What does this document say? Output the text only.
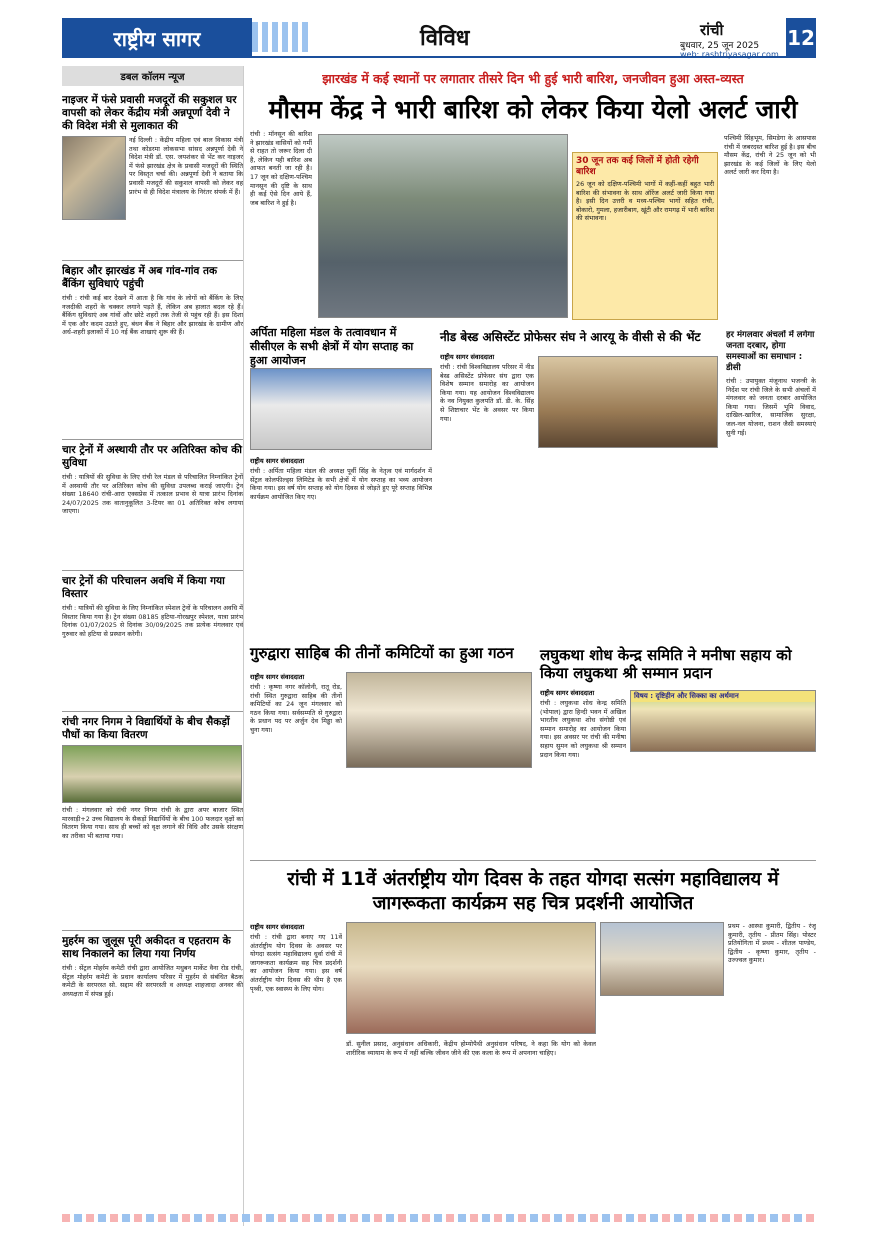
राष्ट्रीय सागर	विविध	रांची
बुधवार, 25 जून 2025
web: rashtriyasagar.com
12
डबल कॉलम न्यूज
नाइजर में फंसे प्रवासी मजदूरों की सकुशल घर वापसी को लेकर केंद्रीय मंत्री अन्नपूर्णा देवी ने की विदेश मंत्री से मुलाकात की
नई दिल्ली : केंद्रीय महिला एवं बाल विकास मंत्री तथा कोडरमा लोकसभा सांसद अन्नपूर्णा देवी ने विदेश मंत्री डॉ. एस. जयशंकर से भेंट कर नाइजर में फंसे झारखंड क्षेत्र के प्रवासी मजदूरों की स्थिति पर विस्तृत चर्चा की। अन्नपूर्णा देवी ने बताया कि प्रवासी मजदूरों की सकुशल वापसी को लेकर वह प्रारंभ से ही विदेश मंत्रालय के निरंतर संपर्क में हैं।
बिहार और झारखंड में अब गांव-गांव तक बैंकिंग सुविधाएं पहुंची
रांची : रांची कई बार देखने में आता है कि गांव के लोगों को बैंकिंग के लिए नजदीकी शहरों के चक्कर लगाने पड़ते हैं, लेकिन अब हालात बदल रहे हैं। बैंकिंग सुविधाएं अब गांवों और छोटे शहरों तक तेजी से पहुंच रही हैं। इस दिशा में एक और कदम उठाते हुए, बंधन बैंक ने बिहार और झारखंड के ग्रामीण और अर्ध-शहरी इलाकों में 10 नई बैंक शाखाएं शुरू की हैं।
चार ट्रेनों में अस्थायी तौर पर अतिरिक्त कोच की सुविधा
रांची : यात्रियों की सुविधा के लिए रांची रेल मंडल से परिचालित निम्नांकित ट्रेनों में अस्थायी तौर पर अतिरिक्त कोच की सुविधा उपलब्ध कराई जाएगी। ट्रेन संख्या 18640 रांची-आरा एक्सप्रेस में तत्काल प्रभाव से यात्रा प्रारंभ दिनांक 24/07/2025 तक वातानुकूलित 3-टियर का 01 अतिरिक्त कोच लगाया जाएगा।
चार ट्रेनों की परिचालन अवधि में किया गया विस्तार
रांची : यात्रियों की सुविधा के लिए निम्नांकित स्पेशल ट्रेनों के परिचालन अवधि में विस्तार किया गया है। ट्रेन संख्या 08185 हटिया-गोरखपुर स्पेशल, यात्रा प्रारंभ दिनांक 01/07/2025 से दिनांक 30/09/2025 तक प्रत्येक मंगलवार एवं गुरुवार को हटिया से प्रस्थान करेगी।
रांची नगर निगम ने विद्यार्थियों के बीच सैकड़ों पौधों का किया वितरण
रांची : मंगलवार को रांची नगर निगम रांची के द्वारा अपर बाजार स्थित मारवाड़ी+2 उच्च विद्यालय के सैकड़ों विद्यार्थियों के बीच 100 फलदार वृक्षों का वितरण किया गया। साथ ही बच्चों को वृक्ष लगाने की विधि और उसके संरक्षण का तरीका भी बताया गया।
मुहर्रम का जुलूस पूरी अकीदत व एहतराम के साथ निकालने का लिया गया निर्णय
रांची : सेंट्रल मोहर्रम कमेटी रांची द्वारा आयोजित मधुबन मार्केट वैना रोड रांची, सेंट्रल मोहर्रम कमेटी के प्रधान कार्यालय परिसर में मुहर्रम से संबंधित बैठक कमेटी के सरपरस्त सो. सद्दाम की सरपरस्ती व अध्यक्ष शाहजादा अनवर की अध्यक्षता में संपन्न हुई।
झारखंड में कई स्थानों पर लगातार तीसरे दिन भी हुई भारी बारिश, जनजीवन हुआ अस्त-व्यस्त
मौसम केंद्र ने भारी बारिश को लेकर किया येलो अलर्ट जारी
रांची : मॉनसून की बारिश ने झारखंड वासियों को गर्मी से राहत तो जरूर दिला दी है, लेकिन यही बारिश अब आफत बनती जा रही है। 17 जून को दक्षिण-पश्चिम मानसून की दृष्टि के साथ ही कई ऐसे दिन आये हैं, जब बारिश ने हुई है।
30 जून तक कई जिलों में होती रहेगी बारिश
26 जून को दक्षिण-पश्चिमी भागों में कहीं-कहीं बहुत भारी बारिश की संभावना के साथ ऑरेंज अलर्ट जारी किया गया है। इसी दिन उत्तरी व मध्य-पश्चिम भागों सहित रांची, बोकारो, गुमला, हजारीबाग, खूंटी और रामगढ़ में भारी बारिश की संभावना।
पश्चिमी सिंहभूम, सिमडेगा के आसपास रांची में जबरदस्त बारिश हुई है। इस बीच मौसम केंद्र, रांची ने 25 जून को भी झारखंड के कई जिलों के लिए येलो अलर्ट जारी कर दिया है।
अर्पिता महिला मंडल के तत्वावधान में सीसीएल के सभी क्षेत्रों में योग सप्ताह का हुआ आयोजन
राष्ट्रीय सागर संवाददाता
रांची : अर्पिता महिला मंडल की अध्यक्ष पूर्वी सिंह के नेतृत्व एवं मार्गदर्शन में सेंट्रल कोलफील्ड्स लिमिटेड के सभी क्षेत्रों में योग सप्ताह का भव्य आयोजन किया गया। इस वर्ष योग सप्ताह को योग दिवस से जोड़ते हुए पूरे सप्ताह विभिन्न कार्यक्रम आयोजित किए गए।
नीड बेस्ड असिस्टेंट प्रोफेसर संघ ने आरयू के वीसी से की भेंट
राष्ट्रीय सागर संवाददाता
रांची : रांची विश्वविद्यालय परिसर में नीड बेस्ड असिस्टेंट प्रोफेसर संघ द्वारा एक विशेष सम्मान समारोह का आयोजन किया गया। यह आयोजन विश्वविद्यालय के नव नियुक्त कुलपति डॉ. डी. के. सिंह से शिष्टाचार भेंट के अवसर पर किया गया।
हर मंगलवार अंचलों में लगेगा जनता दरबार, होगा समस्याओं का समाधान : डीसी
रांची : उपायुक्त मंजूनाथ भजन्त्री के निर्देश पर रांची जिले के सभी अंचलों में मंगलवार को जनता दरबार आयोजित किया गया। जिसमें भूमि विवाद, दाखिल-खारिज, सामाजिक सुरक्षा, जल-नल योजना, राशन जैसी समस्याएं सुनी गईं।
गुरुद्वारा साहिब की तीनों कमिटियों का हुआ गठन
राष्ट्रीय सागर संवाददाता
रांची : कृष्णा नगर कॉलोनी, रातू रोड, रांची स्थित गुरुद्वारा साहिब की तीनों कमिटियों का 24 जून मंगलवार को गठन किया गया। सर्वसम्मति से गुरुद्वारा के प्रधान पद पर अर्जुन देव मिड्ढा को चुना गया।
लघुकथा शोध केन्द्र समिति ने मनीषा सहाय को किया लघुकथा श्री सम्मान प्रदान
राष्ट्रीय सागर संवाददाता
रांची : लघुकथा शोध केन्द्र समिति (भोपाल) द्वारा हिन्दी भवन में अखिल भारतीय लघुकथा शोध संगोष्ठी एवं सम्मान समारोह का आयोजन किया गया। इस अवसर पर रांची की मनीषा सहाय सुमन को लघुकथा श्री सम्मान प्रदान किया गया।
विषय : दृष्टिहीन और सिक्का का अर्थमान
रांची में 11वें अंतर्राष्ट्रीय योग दिवस के तहत योगदा सत्संग महाविद्यालय में जागरूकता कार्यक्रम सह चित्र प्रदर्शनी आयोजित
राष्ट्रीय सागर संवाददाता
रांची : रांची द्वारा बनाए गए 11वें अंतर्राष्ट्रीय योग दिवस के अवसर पर योगदा सत्संग महाविद्यालय धुर्वा रांची में जागरूकता कार्यक्रम सह चित्र प्रदर्शनी का आयोजन किया गया। इस वर्ष अंतर्राष्ट्रीय योग दिवस की थीम है एक पृथ्वी, एक स्वास्थ्य के लिए योग।
डॉ. सुनील प्रसाद, अनुसंधान अधिकारी, केंद्रीय होम्योपैथी अनुसंधान परिषद, ने कहा कि योग को केवल शारीरिक व्यायाम के रूप में नहीं बल्कि जीवन जीने की एक कला के रूप में अपनाना चाहिए।
प्रथम - आस्था कुमारी, द्वितीय - रंजू कुमारी, तृतीय - प्रीतम सिंह। पोस्टर प्रतियोगिता में प्रथम - शीतल पाण्डेय, द्वितीय - कृष्णा कुमार, तृतीय - उज्ज्वल कुमार।
